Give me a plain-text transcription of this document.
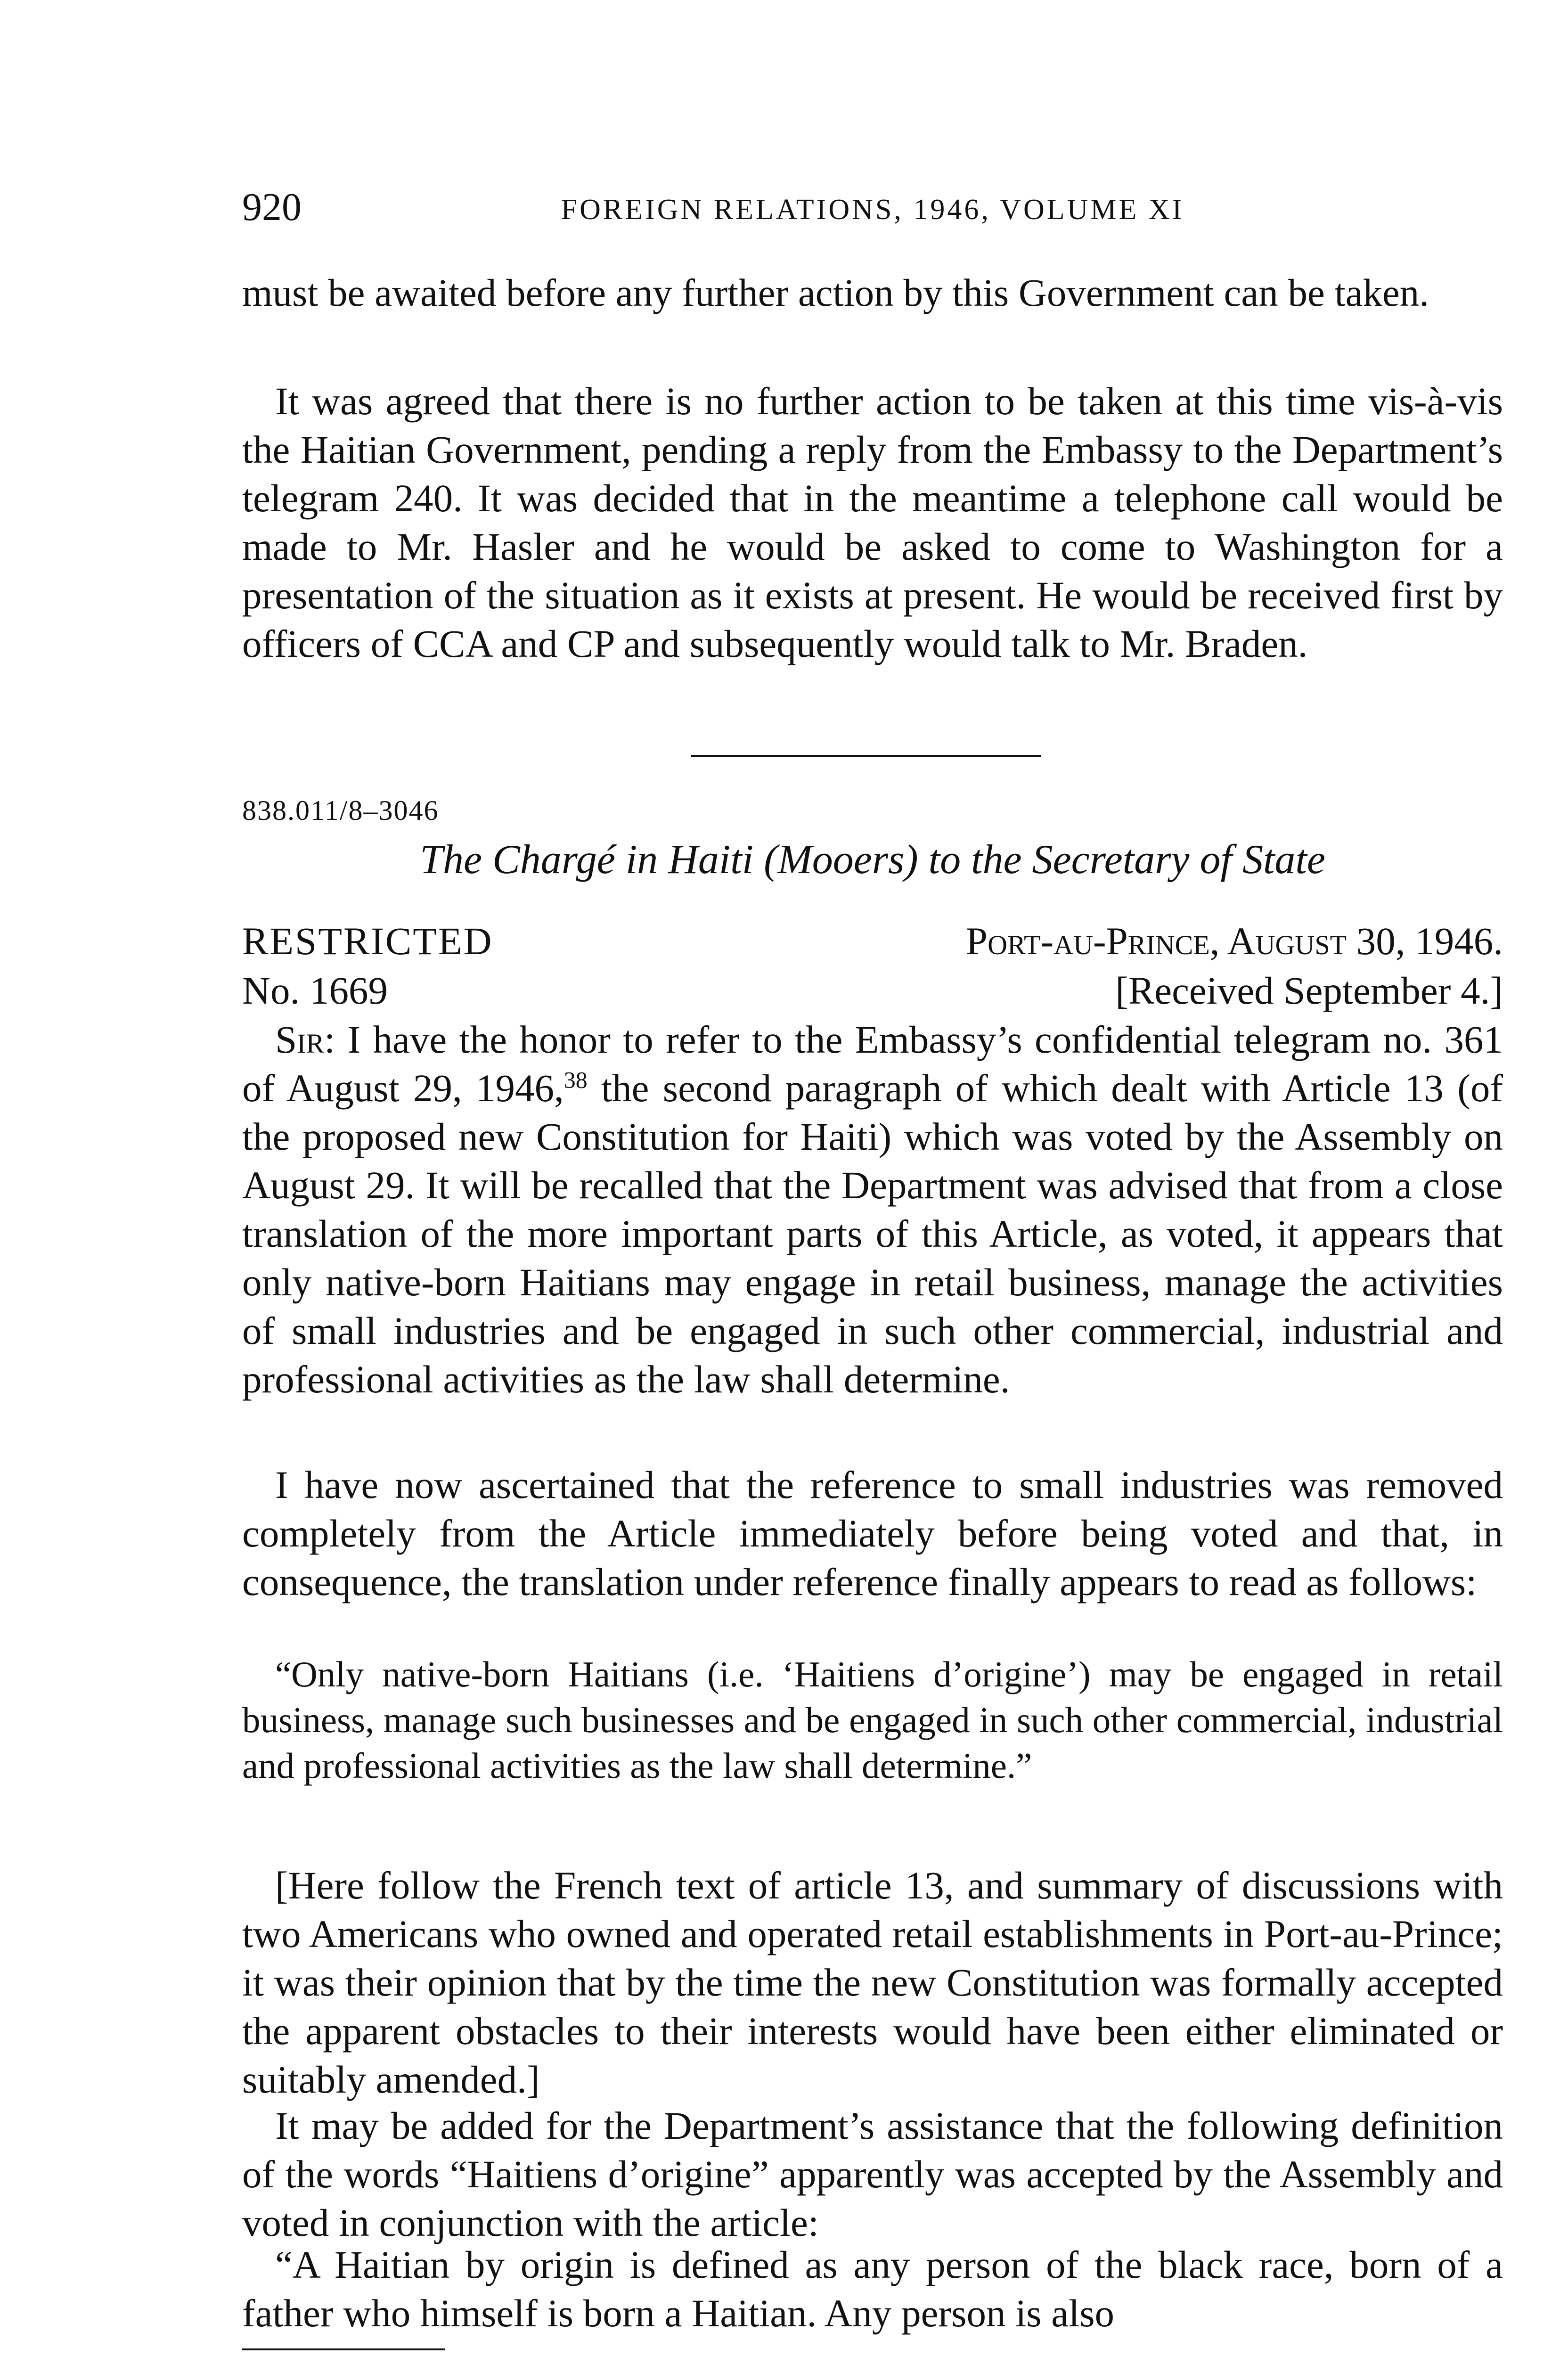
920	FOREIGN RELATIONS, 1946, VOLUME XI

must be awaited before any further action by this Government can be taken.

It was agreed that there is no further action to be taken at this time vis-à-vis the Haitian Government, pending a reply from the Embassy to the Department’s telegram 240. It was decided that in the meantime a telephone call would be made to Mr. Hasler and he would be asked to come to Washington for a presentation of the situation as it exists at present. He would be received first by officers of CCA and CP and subsequently would talk to Mr. Braden.

838.011/8–3046
The Chargé in Haiti (Mooers) to the Secretary of State
RESTRICTED	Port-au-Prince, August 30, 1946.
No. 1669	[Received September 4.]

Sir: I have the honor to refer to the Embassy’s confidential telegram no. 361 of August 29, 1946,38 the second paragraph of which dealt with Article 13 (of the proposed new Constitution for Haiti) which was voted by the Assembly on August 29. It will be recalled that the Department was advised that from a close translation of the more important parts of this Article, as voted, it appears that only native-born Haitians may engage in retail business, manage the activities of small industries and be engaged in such other commercial, industrial and professional activities as the law shall determine.

I have now ascertained that the reference to small industries was removed completely from the Article immediately before being voted and that, in consequence, the translation under reference finally appears to read as follows:

“Only native-born Haitians (i.e. ‘Haitiens d’origine’) may be engaged in retail business, manage such businesses and be engaged in such other commercial, industrial and professional activities as the law shall determine.”

[Here follow the French text of article 13, and summary of discussions with two Americans who owned and operated retail establishments in Port-au-Prince; it was their opinion that by the time the new Constitution was formally accepted the apparent obstacles to their interests would have been either eliminated or suitably amended.]

It may be added for the Department’s assistance that the following definition of the words “Haitiens d’origine” apparently was accepted by the Assembly and voted in conjunction with the article:

“A Haitian by origin is defined as any person of the black race, born of a father who himself is born a Haitian. Any person is also
